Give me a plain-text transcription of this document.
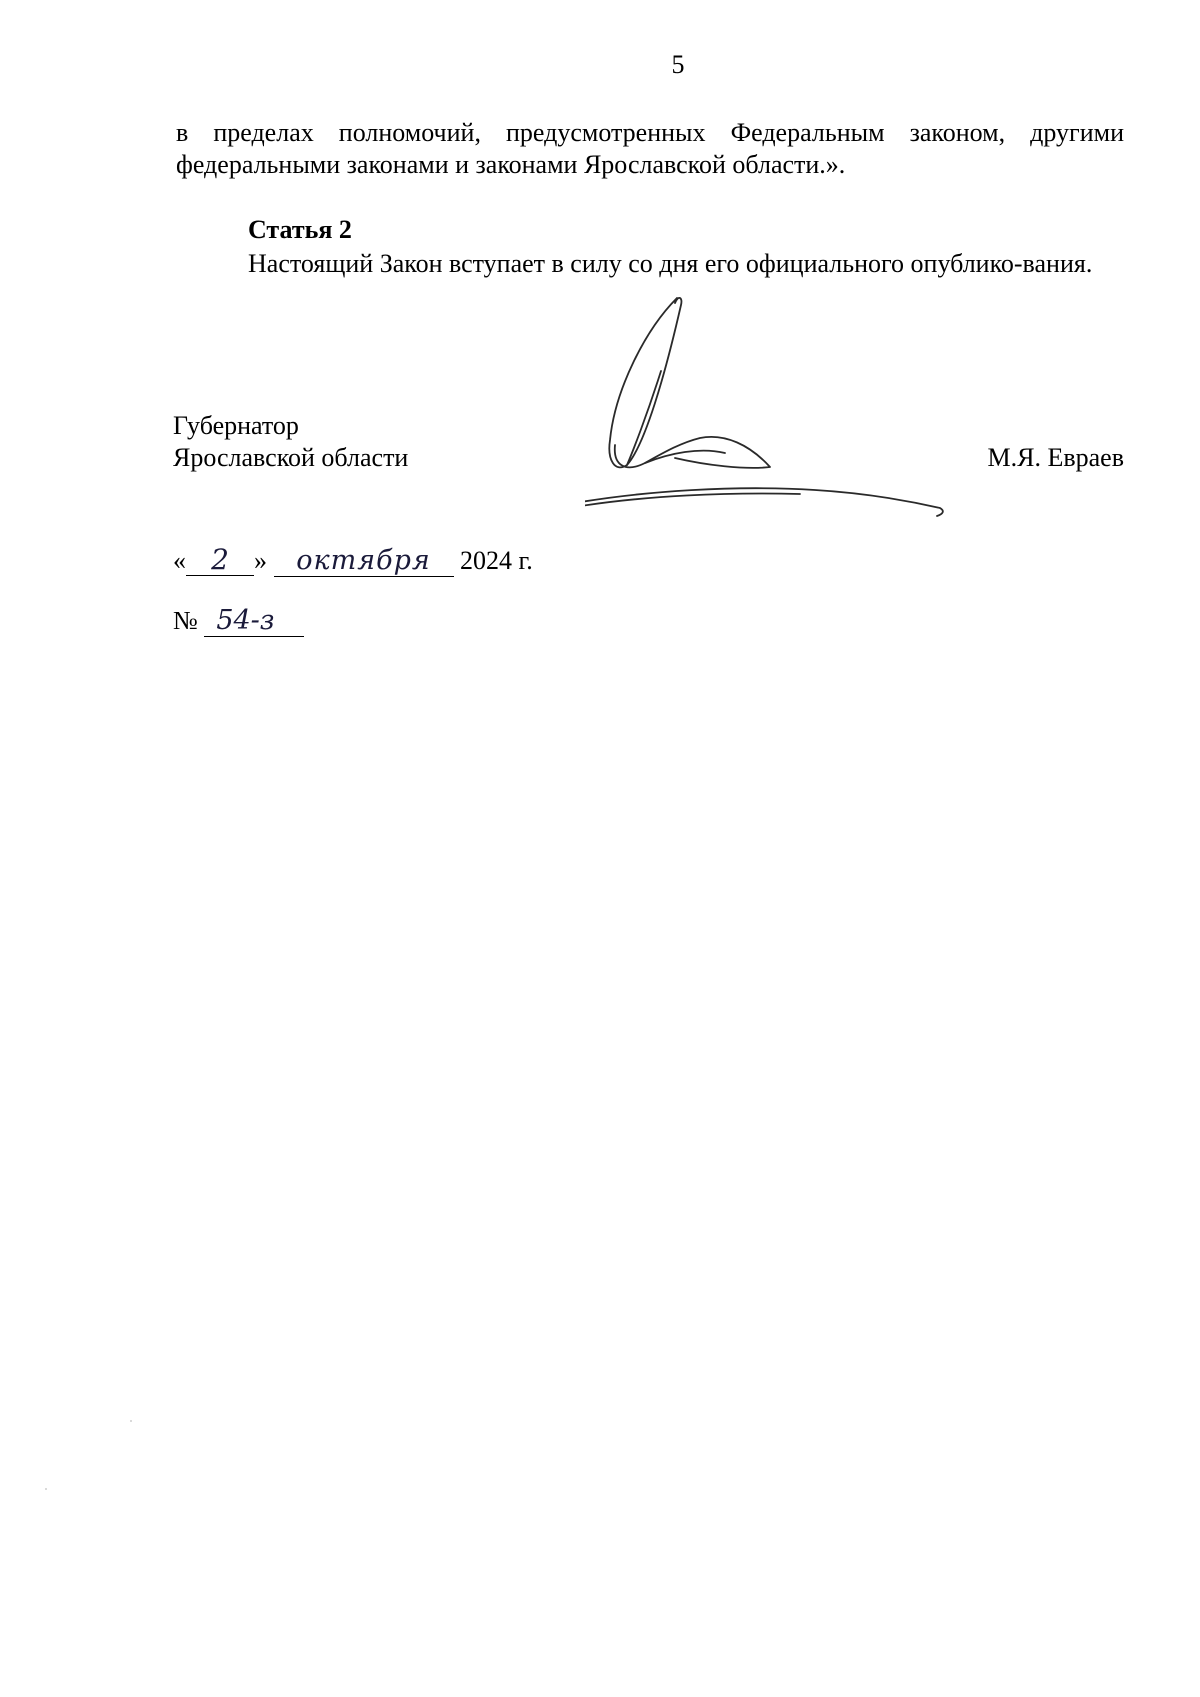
5
в пределах полномочий, предусмотренных Федеральным законом, другими федеральными законами и законами Ярославской области.».
Статья 2
Настоящий Закон вступает в силу со дня его официального опублико-вания.
Губернатор
Ярославской области	М.Я. Евраев
« 2 » октября 2024 г.
№ 54-з
